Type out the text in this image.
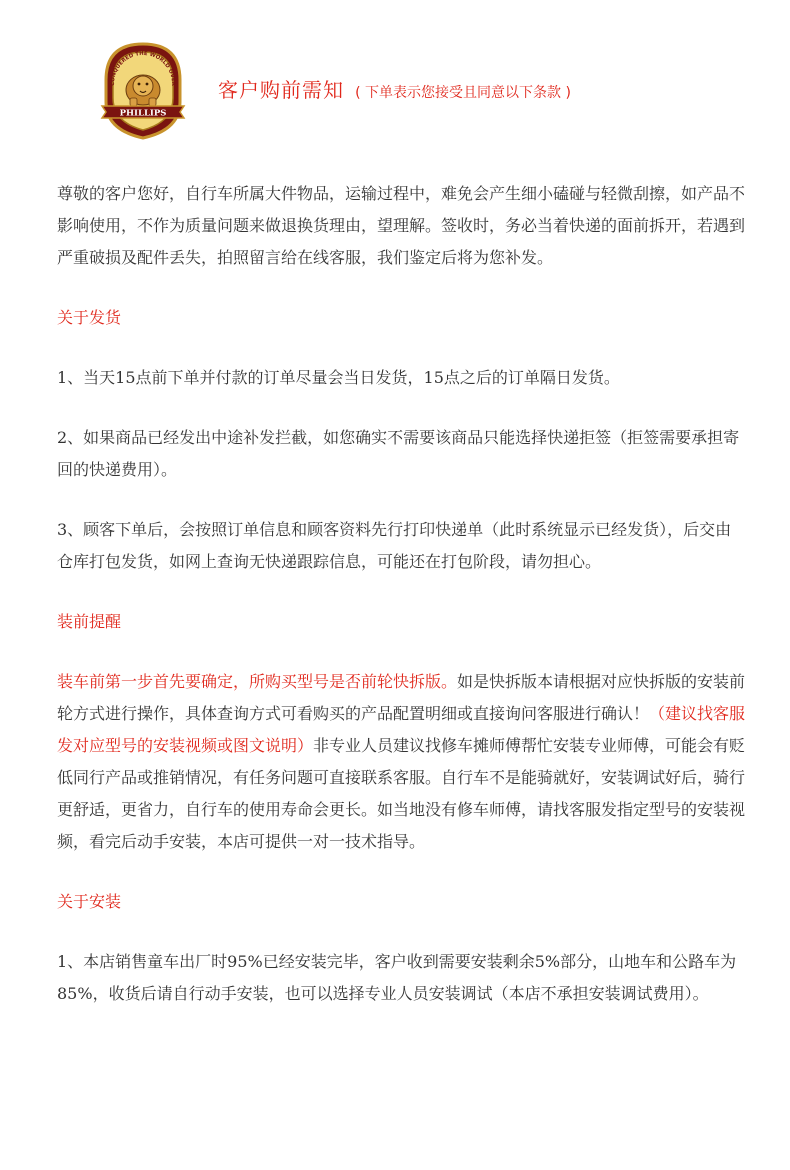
CONQUERED THE WORLD OVER
PHILLIPS
客户购前需知 ( 下单表示您接受且同意以下条款 )

尊敬的客户您好，自行车所属大件物品，运输过程中，难免会产生细小磕碰与轻微刮擦，如产品不影响使用，不作为质量问题来做退换货理由，望理解。签收时，务必当着快递的面前拆开，若遇到严重破损及配件丢失，拍照留言给在线客服，我们鉴定后将为您补发。

关于发货

1、当天15点前下单并付款的订单尽量会当日发货，15点之后的订单隔日发货。

2、如果商品已经发出中途补发拦截，如您确实不需要该商品只能选择快递拒签（拒签需要承担寄回的快递费用）。

3、顾客下单后，会按照订单信息和顾客资料先行打印快递单（此时系统显示已经发货），后交由仓库打包发货，如网上查询无快递跟踪信息，可能还在打包阶段，请勿担心。

装前提醒

装车前第一步首先要确定，所购买型号是否前轮快拆版。如是快拆版本请根据对应快拆版的安装前轮方式进行操作，具体查询方式可看购买的产品配置明细或直接询问客服进行确认！（建议找客服发对应型号的安装视频或图文说明）非专业人员建议找修车摊师傅帮忙安装专业师傅，可能会有贬低同行产品或推销情况，有任务问题可直接联系客服。自行车不是能骑就好，安装调试好后，骑行更舒适，更省力，自行车的使用寿命会更长。如当地没有修车师傅，请找客服发指定型号的安装视频，看完后动手安装，本店可提供一对一技术指导。

关于安装

1、本店销售童车出厂时95%已经安装完毕，客户收到需要安装剩余5%部分，山地车和公路车为85%，收货后请自行动手安装，也可以选择专业人员安装调试（本店不承担安装调试费用）。
